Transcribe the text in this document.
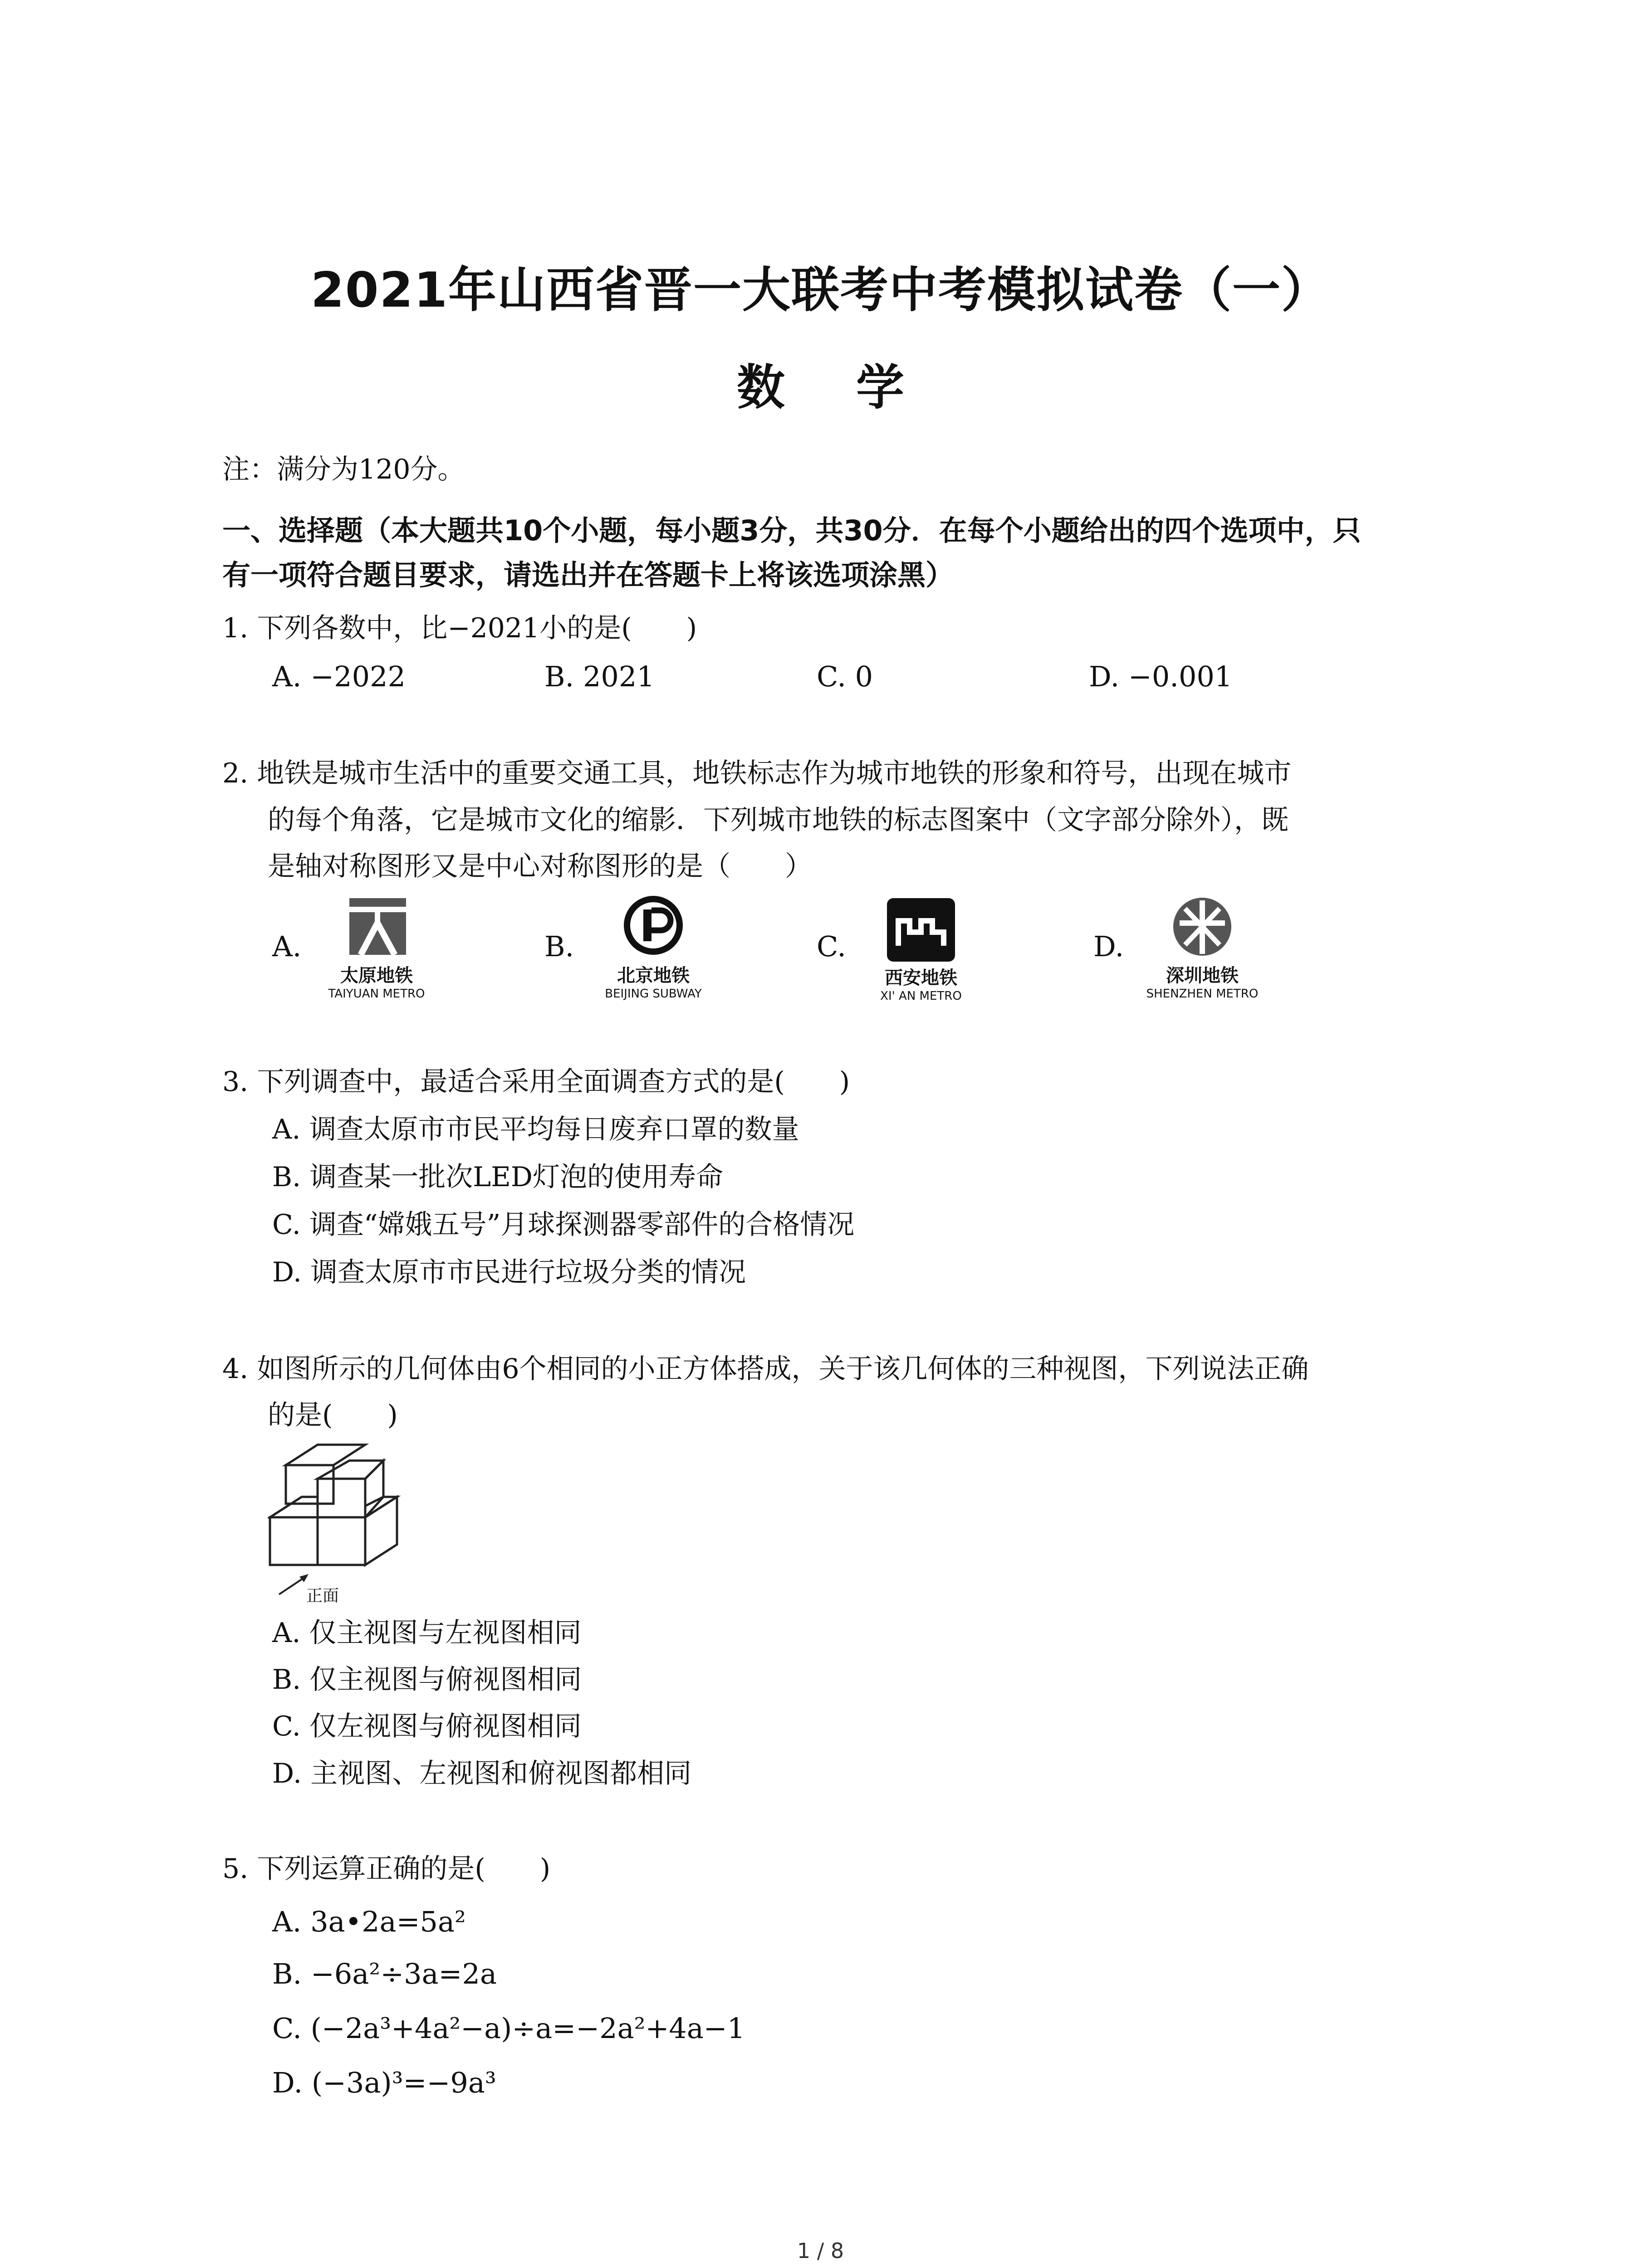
2021年山西省晋一大联考中考模拟试卷（一）
数 学
注：满分为120分。
一、选择题（本大题共10个小题，每小题3分，共30分．在每个小题给出的四个选项中，只
有一项符合题目要求，请选出并在答题卡上将该选项涂黑）
1. 下列各数中，比−2021小的是(　　)
A. −2022	B. 2021	C. 0	D. −0.001
2. 地铁是城市生活中的重要交通工具，地铁标志作为城市地铁的形象和符号，出现在城市
的每个角落，它是城市文化的缩影．下列城市地铁的标志图案中（文字部分除外），既
是轴对称图形又是中心对称图形的是（　　）
A.
太原地铁
TAIYUAN METRO
B.
北京地铁
BEIJING SUBWAY
C.
西安地铁
XI' AN METRO
D.
深圳地铁
SHENZHEN METRO
3. 下列调查中，最适合采用全面调查方式的是(　　)
A. 调查太原市市民平均每日废弃口罩的数量
B. 调查某一批次LED灯泡的使用寿命
C. 调查“嫦娥五号”月球探测器零部件的合格情况
D. 调查太原市市民进行垃圾分类的情况
4. 如图所示的几何体由6个相同的小正方体搭成，关于该几何体的三种视图，下列说法正确
的是(　　)
正面
A. 仅主视图与左视图相同
B. 仅主视图与俯视图相同
C. 仅左视图与俯视图相同
D. 主视图、左视图和俯视图都相同
5. 下列运算正确的是(　　)
A. 3a•2a=5a²
B. −6a²÷3a=2a
C. (−2a³+4a²−a)÷a=−2a²+4a−1
D. (−3a)³=−9a³
1 / 8
